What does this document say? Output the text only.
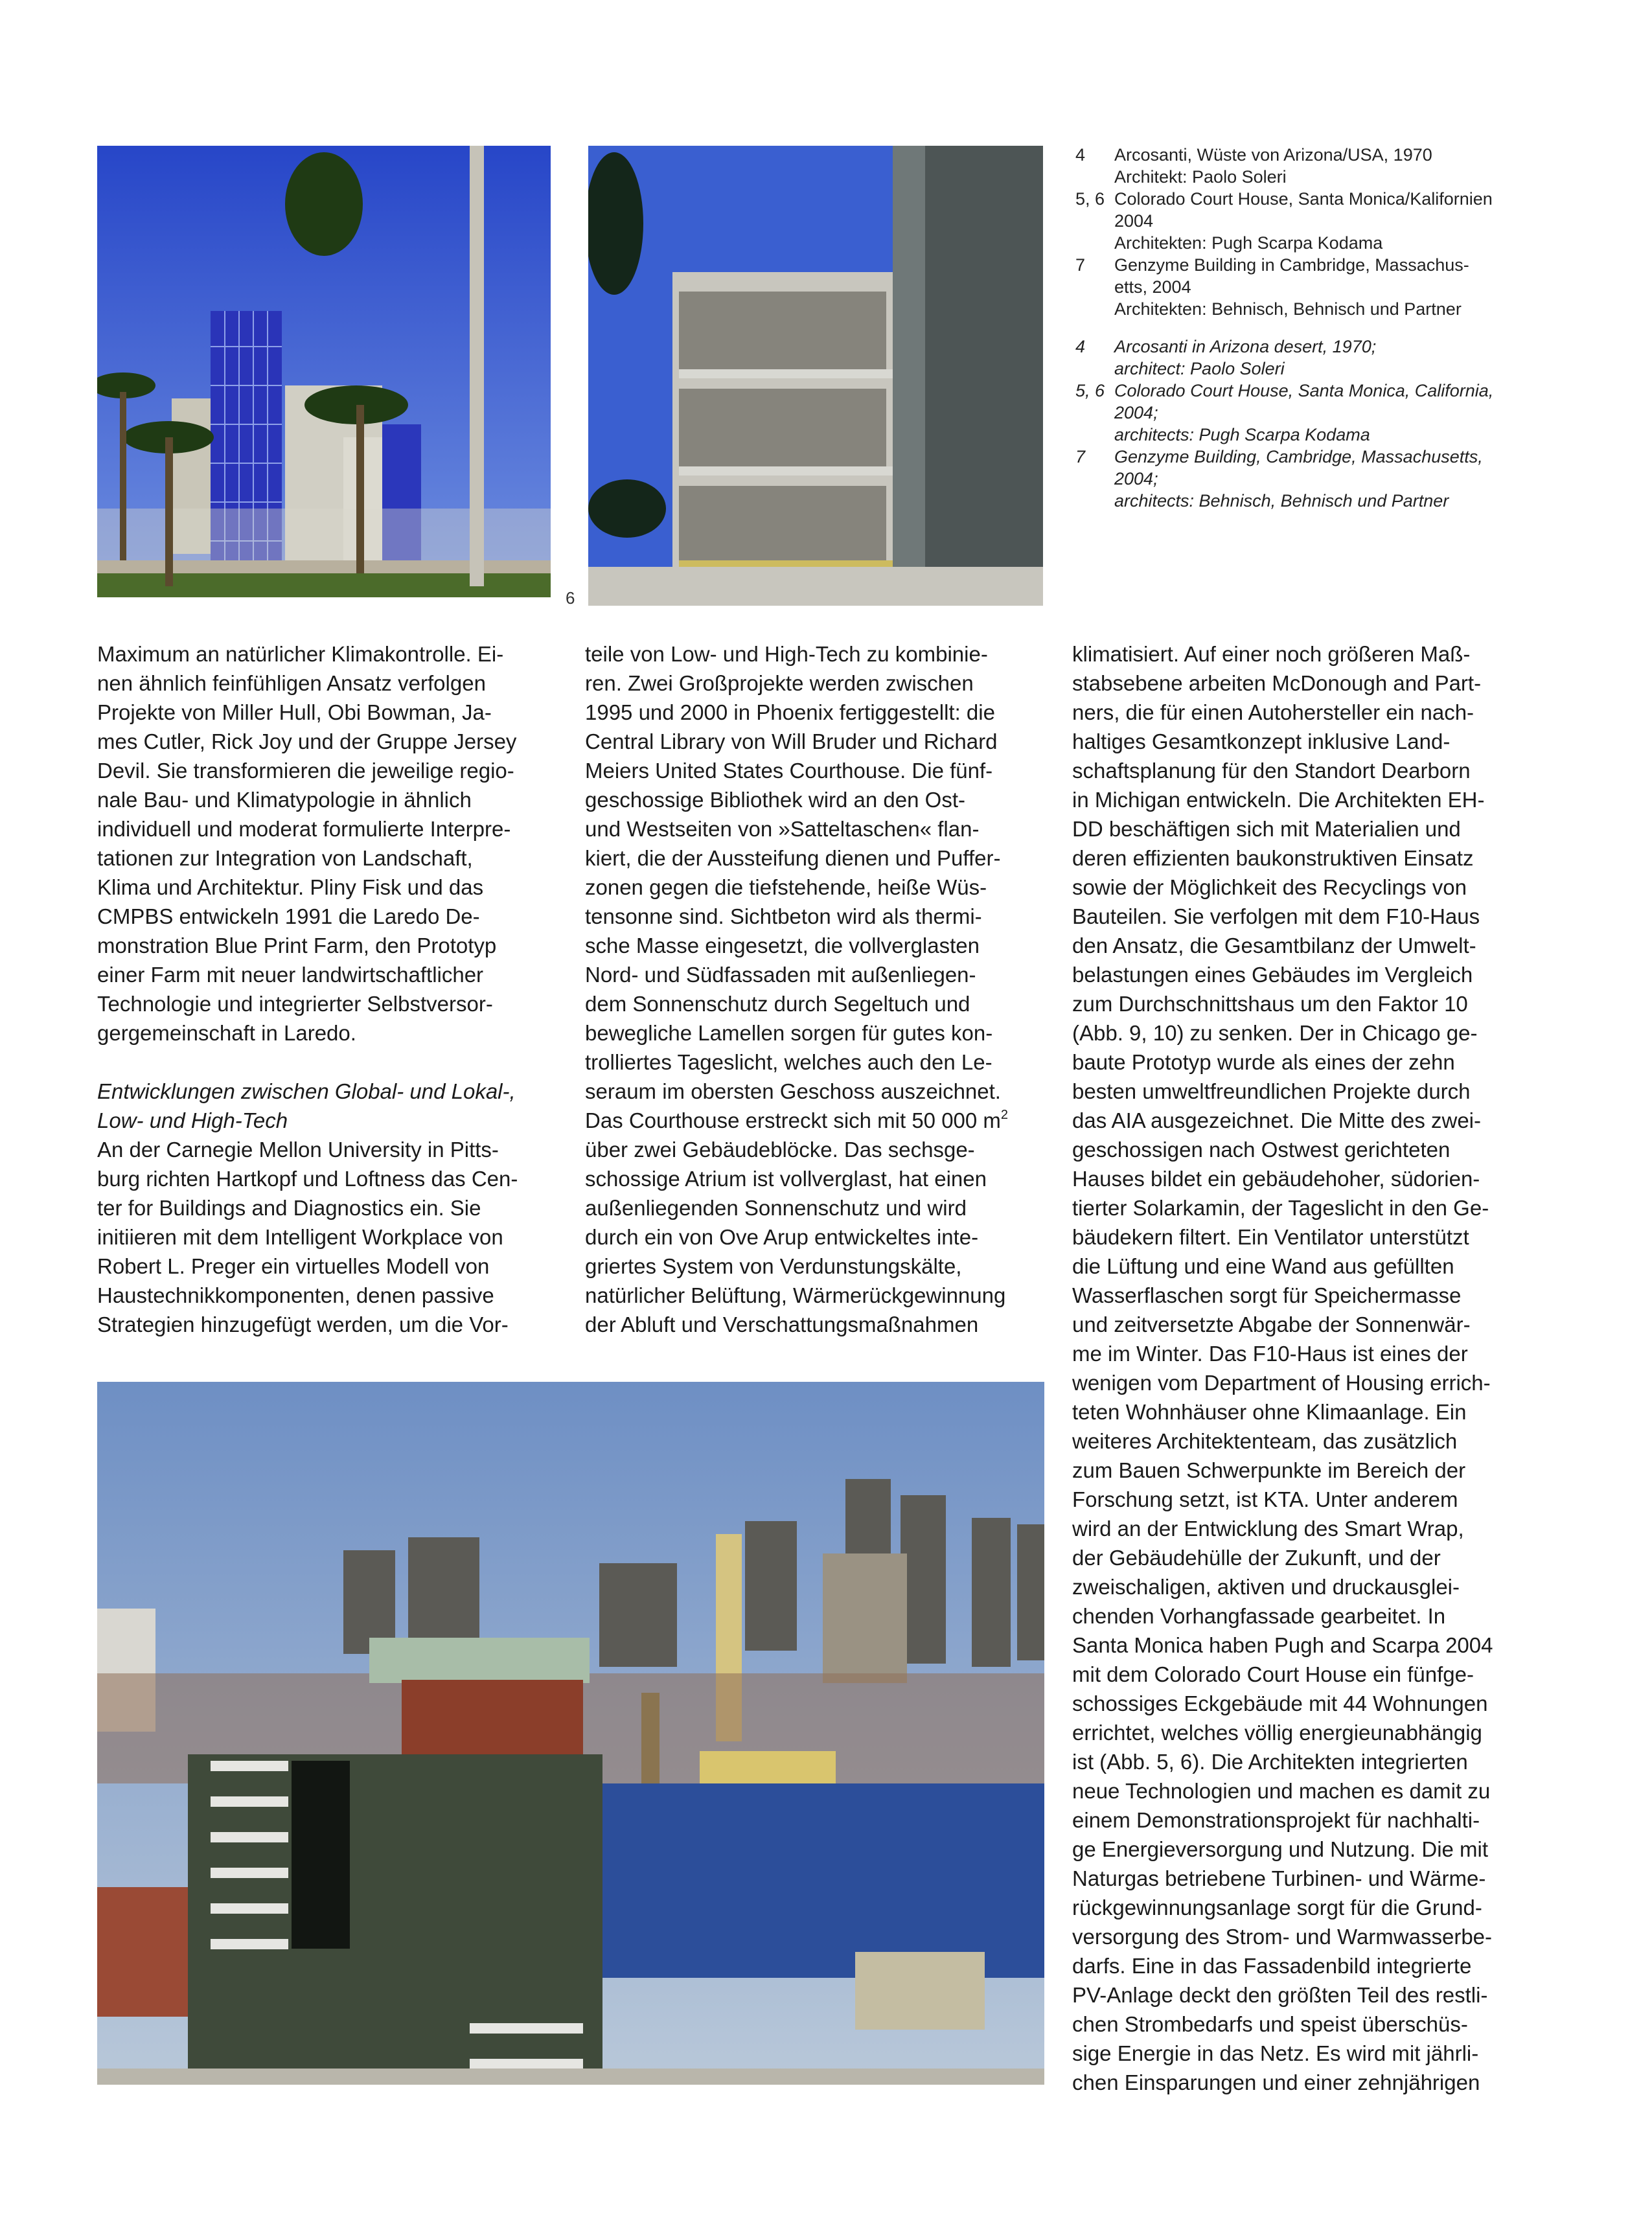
6
4	Arcosanti, Wüste von Arizona/USA, 1970
Architekt: Paolo Soleri
5, 6 Colorado Court House, Santa Monica/Kalifornien
2004
Architekten: Pugh Scarpa Kodama
7	Genzyme Building in Cambridge, Massachus-
etts, 2004
Architekten: Behnisch, Behnisch und Partner
4	Arcosanti in Arizona desert, 1970;
architect: Paolo Soleri
5, 6 Colorado Court House, Santa Monica, California,
2004;
architects: Pugh Scarpa Kodama
7	Genzyme Building, Cambridge, Massachusetts,
2004;
architects: Behnisch, Behnisch und Partner

Maximum an natürlicher Klimakontrolle. Ei-
nen ähnlich feinfühligen Ansatz verfolgen
Projekte von Miller Hull, Obi Bowman, Ja-
mes Cutler, Rick Joy und der Gruppe Jersey
Devil. Sie transformieren die jeweilige regio-
nale Bau- und Klimatypologie in ähnlich
individuell und moderat formulierte Interpre-
tationen zur Integration von Landschaft,
Klima und Architektur. Pliny Fisk und das
CMPBS entwickeln 1991 die Laredo De-
monstration Blue Print Farm, den Prototyp
einer Farm mit neuer landwirtschaftlicher
Technologie und integrierter Selbstversor-
gergemeinschaft in Laredo.

Entwicklungen zwischen Global- und Lokal-,
Low- und High-Tech

An der Carnegie Mellon University in Pitts-
burg richten Hartkopf und Loftness das Cen-
ter for Buildings and Diagnostics ein. Sie
initiieren mit dem Intelligent Workplace von
Robert L. Preger ein virtuelles Modell von
Haustechnikkomponenten, denen passive
Strategien hinzugefügt werden, um die Vor-

teile von Low- und High-Tech zu kombinie-
ren. Zwei Großprojekte werden zwischen
1995 und 2000 in Phoenix fertiggestellt: die
Central Library von Will Bruder und Richard
Meiers United States Courthouse. Die fünf-
geschossige Bibliothek wird an den Ost-
und Westseiten von »Satteltaschen« flan-
kiert, die der Aussteifung dienen und Puffer-
zonen gegen die tiefstehende, heiße Wüs-
tensonne sind. Sichtbeton wird als thermi-
sche Masse eingesetzt, die vollverglasten
Nord- und Südfassaden mit außenliegen-
dem Sonnenschutz durch Segeltuch und
bewegliche Lamellen sorgen für gutes kon-
trolliertes Tageslicht, welches auch den Le-
seraum im obersten Geschoss auszeichnet.
Das Courthouse erstreckt sich mit 50 000 $m^2$
über zwei Gebäudeblöcke. Das sechsge-
schossige Atrium ist vollverglast, hat einen
außenliegenden Sonnenschutz und wird
durch ein von Ove Arup entwickeltes inte-
griertes System von Verdunstungskälte,
natürlicher Belüftung, Wärmerückgewinnung
der Abluft und Verschattungsmaßnahmen

klimatisiert. Auf einer noch größeren Maß-
stabsebene arbeiten McDonough and Part-
ners, die für einen Autohersteller ein nach-
haltiges Gesamtkonzept inklusive Land-
schaftsplanung für den Standort Dearborn
in Michigan entwickeln. Die Architekten EH-
DD beschäftigen sich mit Materialien und
deren effizienten baukonstruktiven Einsatz
sowie der Möglichkeit des Recyclings von
Bauteilen. Sie verfolgen mit dem F10-Haus
den Ansatz, die Gesamtbilanz der Umwelt-
belastungen eines Gebäudes im Vergleich
zum Durchschnittshaus um den Faktor 10
(Abb. 9, 10) zu senken. Der in Chicago ge-
baute Prototyp wurde als eines der zehn
besten umweltfreundlichen Projekte durch
das AIA ausgezeichnet. Die Mitte des zwei-
geschossigen nach Ostwest gerichteten
Hauses bildet ein gebäudehoher, südorien-
tierter Solarkamin, der Tageslicht in den Ge-
bäudekern filtert. Ein Ventilator unterstützt
die Lüftung und eine Wand aus gefüllten
Wasserflaschen sorgt für Speichermasse
und zeitversetzte Abgabe der Sonnenwär-
me im Winter. Das F10-Haus ist eines der
wenigen vom Department of Housing errich-
teten Wohnhäuser ohne Klimaanlage. Ein
weiteres Architektenteam, das zusätzlich
zum Bauen Schwerpunkte im Bereich der
Forschung setzt, ist KTA. Unter anderem
wird an der Entwicklung des Smart Wrap,
der Gebäudehülle der Zukunft, und der
zweischaligen, aktiven und druckausglei-
chenden Vorhangfassade gearbeitet. In
Santa Monica haben Pugh and Scarpa 2004
mit dem Colorado Court House ein fünfge-
schossiges Eckgebäude mit 44 Wohnungen
errichtet, welches völlig energieunabhängig
ist (Abb. 5, 6). Die Architekten integrierten
neue Technologien und machen es damit zu
einem Demonstrationsprojekt für nachhalti-
ge Energieversorgung und Nutzung. Die mit
Naturgas betriebene Turbinen- und Wärme-
rückgewinnungsanlage sorgt für die Grund-
versorgung des Strom- und Warmwasserbe-
darfs. Eine in das Fassadenbild integrierte
PV-Anlage deckt den größten Teil des restli-
chen Strombedarfs und speist überschüs-
sige Energie in das Netz. Es wird mit jährli-
chen Einsparungen und einer zehnjährigen
